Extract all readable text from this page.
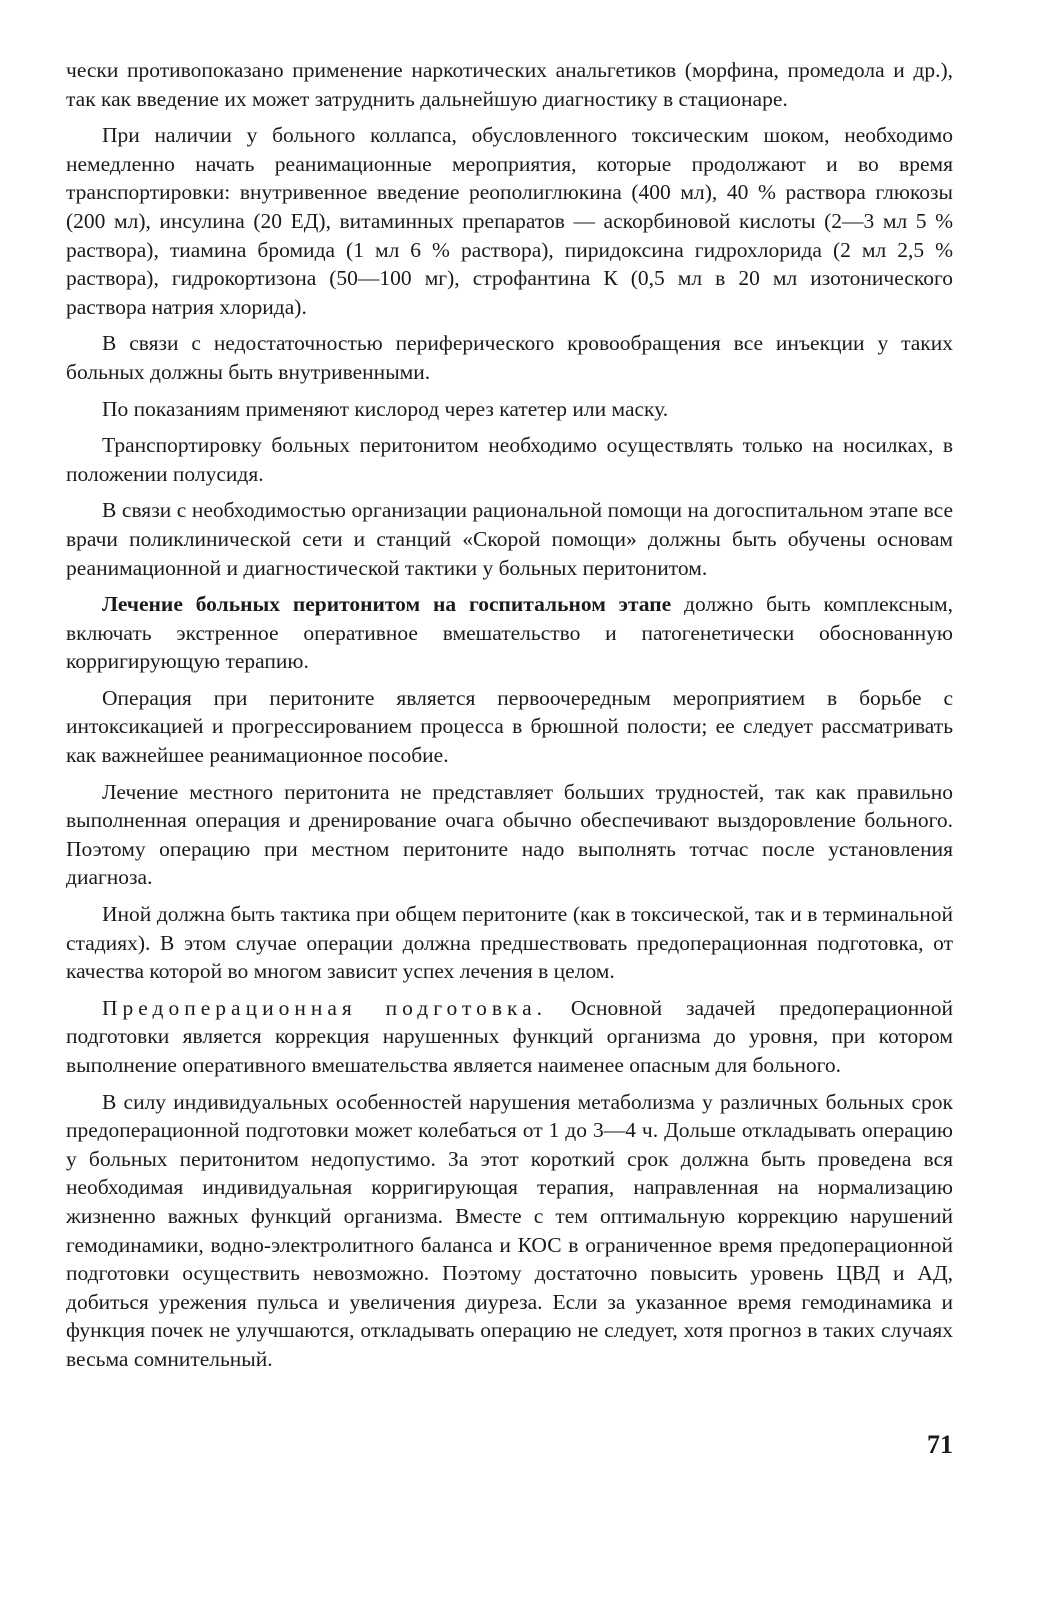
чески противопоказано применение наркотических анальгетиков (морфина, промедола и др.), так как введение их может затруднить дальнейшую диагностику в стационаре.

При наличии у больного коллапса, обусловленного токсическим шоком, необходимо немедленно начать реанимационные мероприятия, которые продолжают и во время транспортировки: внутривенное введение реополиглюкина (400 мл), 40 % раствора глюкозы (200 мл), инсулина (20 ЕД), витаминных препаратов — аскорбиновой кислоты (2—3 мл 5 % раствора), тиамина бромида (1 мл 6 % раствора), пиридоксина гидрохлорида (2 мл 2,5 % раствора), гидрокортизона (50—100 мг), строфантина К (0,5 мл в 20 мл изотонического раствора натрия хлорида).

В связи с недостаточностью периферического кровообращения все инъекции у таких больных должны быть внутривенными.

По показаниям применяют кислород через катетер или маску.

Транспортировку больных перитонитом необходимо осуществлять только на носилках, в положении полусидя.

В связи с необходимостью организации рациональной помощи на догоспитальном этапе все врачи поликлинической сети и станций «Скорой помощи» должны быть обучены основам реанимационной и диагностической тактики у больных перитонитом.

Лечение больных перитонитом на госпитальном этапе должно быть комплексным, включать экстренное оперативное вмешательство и патогенетически обоснованную корригирующую терапию.

Операция при перитоните является первоочередным мероприятием в борьбе с интоксикацией и прогрессированием процесса в брюшной полости; ее следует рассматривать как важнейшее реанимационное пособие.

Лечение местного перитонита не представляет больших трудностей, так как правильно выполненная операция и дренирование очага обычно обеспечивают выздоровление больного. Поэтому операцию при местном перитоните надо выполнять тотчас после установления диагноза.

Иной должна быть тактика при общем перитоните (как в токсической, так и в терминальной стадиях). В этом случае операции должна предшествовать предоперационная подготовка, от качества которой во многом зависит успех лечения в целом.

Предоперационная подготовка. Основной задачей предоперационной подготовки является коррекция нарушенных функций организма до уровня, при котором выполнение оперативного вмешательства является наименее опасным для больного.

В силу индивидуальных особенностей нарушения метаболизма у различных больных срок предоперационной подготовки может колебаться от 1 до 3—4 ч. Дольше откладывать операцию у больных перитонитом недопустимо. За этот короткий срок должна быть проведена вся необходимая индивидуальная корригирующая терапия, направленная на нормализацию жизненно важных функций организма. Вместе с тем оптимальную коррекцию нарушений гемодинамики, водно-электролитного баланса и КОС в ограниченное время предоперационной подготовки осуществить невозможно. Поэтому достаточно повысить уровень ЦВД и АД, добиться урежения пульса и увеличения диуреза. Если за указанное время гемодинамика и функция почек не улучшаются, откладывать операцию не следует, хотя прогноз в таких случаях весьма сомнительный.

71
